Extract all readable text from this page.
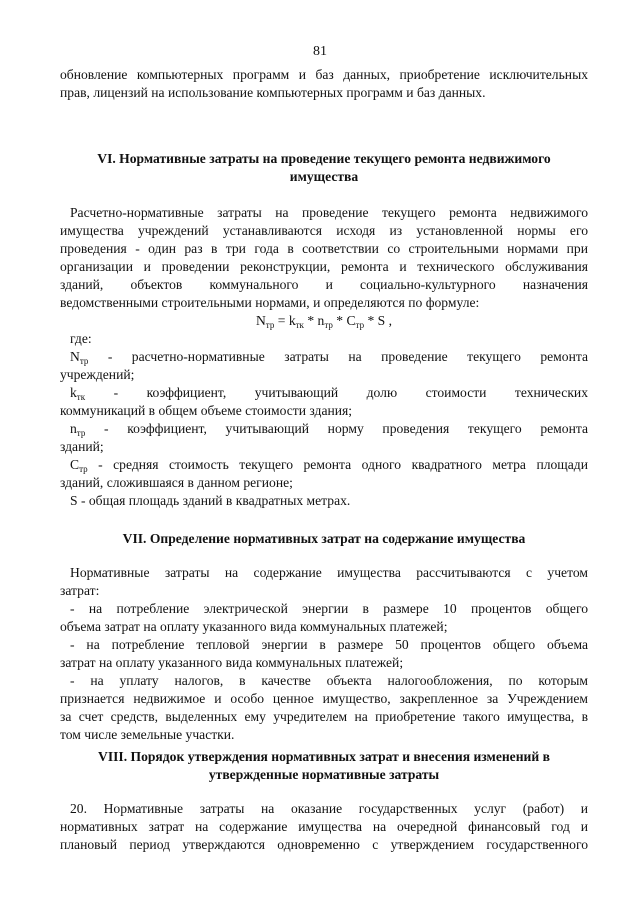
81
обновление компьютерных программ и баз данных, приобретение исключительных
прав, лицензий на использование компьютерных программ и баз данных.
VI. Нормативные затраты на проведение текущего ремонта недвижимого
имущества
Расчетно-нормативные затраты на проведение текущего ремонта недвижимого
имущества учреждений устанавливаются исходя из установленной нормы его
проведения - один раз в три года в соответствии со строительными нормами при
организации и проведении реконструкции, ремонта и технического обслуживания
зданий, объектов коммунального и социально-культурного назначения
ведомственными строительными нормами, и определяются по формуле:
$N_{тр} = k_{тк} * n_{тр} * C_{тр} * S$ ,
где:
$N_{тр}$ - расчетно-нормативные затраты на проведение текущего ремонта
учреждений;
$k_{тк}$ - коэффициент, учитывающий долю стоимости технических
коммуникаций в общем объеме стоимости здания;
$n_{тр}$ - коэффициент, учитывающий норму проведения текущего ремонта
зданий;
$C_{тр}$ - средняя стоимость текущего ремонта одного квадратного метра площади
зданий, сложившаяся в данном регионе;
S - общая площадь зданий в квадратных метрах.
VII. Определение нормативных затрат на содержание имущества
Нормативные затраты на содержание имущества рассчитываются с учетом
затрат:
- на потребление электрической энергии в размере 10 процентов общего
объема затрат на оплату указанного вида коммунальных платежей;
- на потребление тепловой энергии в размере 50 процентов общего объема
затрат на оплату указанного вида коммунальных платежей;
- на уплату налогов, в качестве объекта налогообложения, по которым
признается недвижимое и особо ценное имущество, закрепленное за Учреждением
за счет средств, выделенных ему учредителем на приобретение такого имущества, в
том числе земельные участки.
VIII. Порядок утверждения нормативных затрат и внесения изменений в
утвержденные нормативные затраты
20. Нормативные затраты на оказание государственных услуг (работ) и
нормативных затрат на содержание имущества на очередной финансовый год и
плановый период утверждаются одновременно с утверждением государственного
